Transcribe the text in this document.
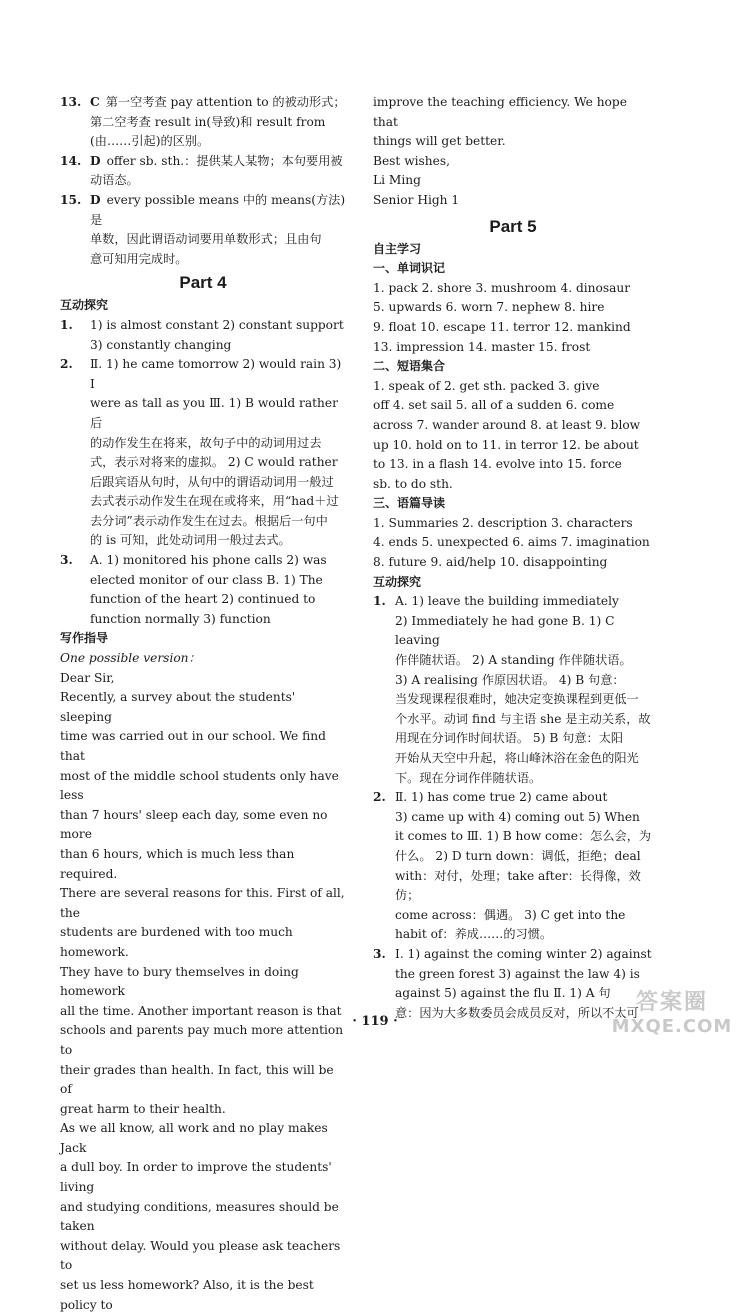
13. C 第一空考查 pay attention to 的被动形式；
第二空考查 result in(导致)和 result from
(由……引起)的区别。
14. D offer sb. sth.：提供某人某物；本句要用被
动语态。
15. D every possible means 中的 means(方法)是
单数，因此谓语动词要用单数形式；且由句
意可知用完成时。
Part 4
互动探究
1. 1) is almost constant 2) constant support
3) constantly changing
2. Ⅱ. 1) he came tomorrow 2) would rain 3) I
were as tall as you Ⅲ. 1) B would rather 后
的动作发生在将来，故句子中的动词用过去
式，表示对将来的虚拟。 2) C would rather
后跟宾语从句时，从句中的谓语动词用一般过
去式表示动作发生在现在或将来，用“had＋过
去分词”表示动作发生在过去。根据后一句中
的 is 可知，此处动词用一般过去式。
3. A. 1) monitored his phone calls 2) was
elected monitor of our class B. 1) The
function of the heart 2) continued to
function normally 3) function
写作指导
One possible version：
Dear Sir,
Recently, a survey about the students' sleeping
time was carried out in our school. We find that
most of the middle school students only have less
than 7 hours' sleep each day, some even no more
than 6 hours, which is much less than required.
There are several reasons for this. First of all, the
students are burdened with too much homework.
They have to bury themselves in doing homework
all the time. Another important reason is that
schools and parents pay much more attention to
their grades than health. In fact, this will be of
great harm to their health.
As we all know, all work and no play makes Jack
a dull boy. In order to improve the students' living
and studying conditions, measures should be taken
without delay. Would you please ask teachers to
set us less homework? Also, it is the best policy to
improve the teaching efficiency. We hope that
things will get better.
Best wishes,
Li Ming
Senior High 1
Part 5
自主学习
一、单词识记
1. pack 2. shore 3. mushroom 4. dinosaur
5. upwards 6. worn 7. nephew 8. hire
9. float 10. escape 11. terror 12. mankind
13. impression 14. master 15. frost
二、短语集合
1. speak of 2. get sth. packed 3. give
off 4. set sail 5. all of a sudden 6. come
across 7. wander around 8. at least 9. blow
up 10. hold on to 11. in terror 12. be about
to 13. in a flash 14. evolve into 15. force
sb. to do sth.
三、语篇导读
1. Summaries 2. description 3. characters
4. ends 5. unexpected 6. aims 7. imagination
8. future 9. aid/help 10. disappointing
互动探究
1. A. 1) leave the building immediately
2) Immediately he had gone B. 1) C leaving
作伴随状语。 2) A standing 作伴随状语。
3) A realising 作原因状语。 4) B 句意：
当发现课程很难时，她决定变换课程到更低一
个水平。动词 find 与主语 she 是主动关系，故
用现在分词作时间状语。 5) B 句意：太阳
开始从天空中升起，将山峰沐浴在金色的阳光
下。现在分词作伴随状语。
2. Ⅱ. 1) has come true 2) came about
3) came up with 4) coming out 5) When
it comes to Ⅲ. 1) B how come：怎么会，为
什么。 2) D turn down：调低，拒绝；deal
with：对付，处理；take after：长得像，效仿；
come across：偶遇。 3) C get into the
habit of：养成……的习惯。
3. Ⅰ. 1) against the coming winter 2) against
the green forest 3) against the law 4) is
against 5) against the flu Ⅱ. 1) A 句
意：因为大多数委员会成员反对，所以不太可
· 119 ·
答案圈
MXQE.COM
